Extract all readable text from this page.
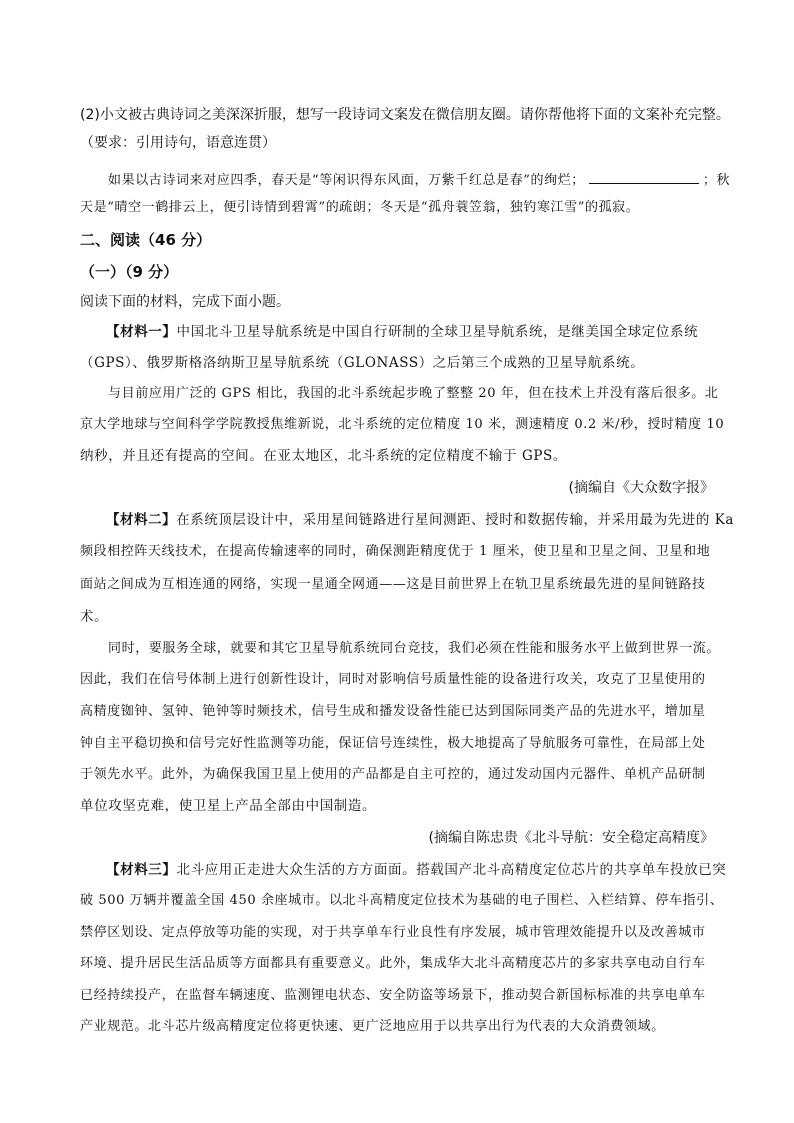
(2)小文被古典诗词之美深深折服，想写一段诗词文案发在微信朋友圈。请你帮他将下面的文案补充完整。
（要求：引用诗句，语意连贯）
如果以古诗词来对应四季，春天是“等闲识得东风面，万紫千红总是春”的绚烂；	；秋
天是“晴空一鹤排云上，便引诗情到碧霄”的疏朗；冬天是“孤舟蓑笠翁，独钓寒江雪”的孤寂。
二、阅读（46 分）
（一）（9 分）
阅读下面的材料，完成下面小题。
【材料一】中国北斗卫星导航系统是中国自行研制的全球卫星导航系统，是继美国全球定位系统
（GPS）、俄罗斯格洛纳斯卫星导航系统（GLONASS）之后第三个成熟的卫星导航系统。
与目前应用广泛的 GPS 相比，我国的北斗系统起步晚了整整 20 年，但在技术上并没有落后很多。北
京大学地球与空间科学学院教授焦维新说，北斗系统的定位精度 10 米，测速精度 0.2 米/秒，授时精度 10
纳秒，并且还有提高的空间。在亚太地区，北斗系统的定位精度不输于 GPS。
(摘编自《大众数字报》
【材料二】在系统顶层设计中，采用星间链路进行星间测距、授时和数据传输，并采用最为先进的 Ka
频段相控阵天线技术，在提高传输速率的同时，确保测距精度优于 1 厘米，使卫星和卫星之间、卫星和地
面站之间成为互相连通的网络，实现一星通全网通——这是目前世界上在轨卫星系统最先进的星间链路技
术。
同时，要服务全球，就要和其它卫星导航系统同台竞技，我们必须在性能和服务水平上做到世界一流。
因此，我们在信号体制上进行创新性设计，同时对影响信号质量性能的设备进行攻关，攻克了卫星使用的
高精度铷钟、氢钟、铯钟等时频技术，信号生成和播发设备性能已达到国际同类产品的先进水平，增加星
钟自主平稳切换和信号完好性监测等功能，保证信号连续性，极大地提高了导航服务可靠性，在局部上处
于领先水平。此外，为确保我国卫星上使用的产品都是自主可控的，通过发动国内元器件、单机产品研制
单位攻坚克难，使卫星上产品全部由中国制造。
(摘编自陈忠贵《北斗导航：安全稳定高精度》
【材料三】北斗应用正走进大众生活的方方面面。搭载国产北斗高精度定位芯片的共享单车投放已突
破 500 万辆并覆盖全国 450 余座城市。以北斗高精度定位技术为基础的电子围栏、入栏结算、停车指引、
禁停区划设、定点停放等功能的实现，对于共享单车行业良性有序发展，城市管理效能提升以及改善城市
环境、提升居民生活品质等方面都具有重要意义。此外，集成华大北斗高精度芯片的多家共享电动自行车
已经持续投产，在监督车辆速度、监测锂电状态、安全防盗等场景下，推动契合新国标标准的共享电单车
产业规范。北斗芯片级高精度定位将更快速、更广泛地应用于以共享出行为代表的大众消费领域。
